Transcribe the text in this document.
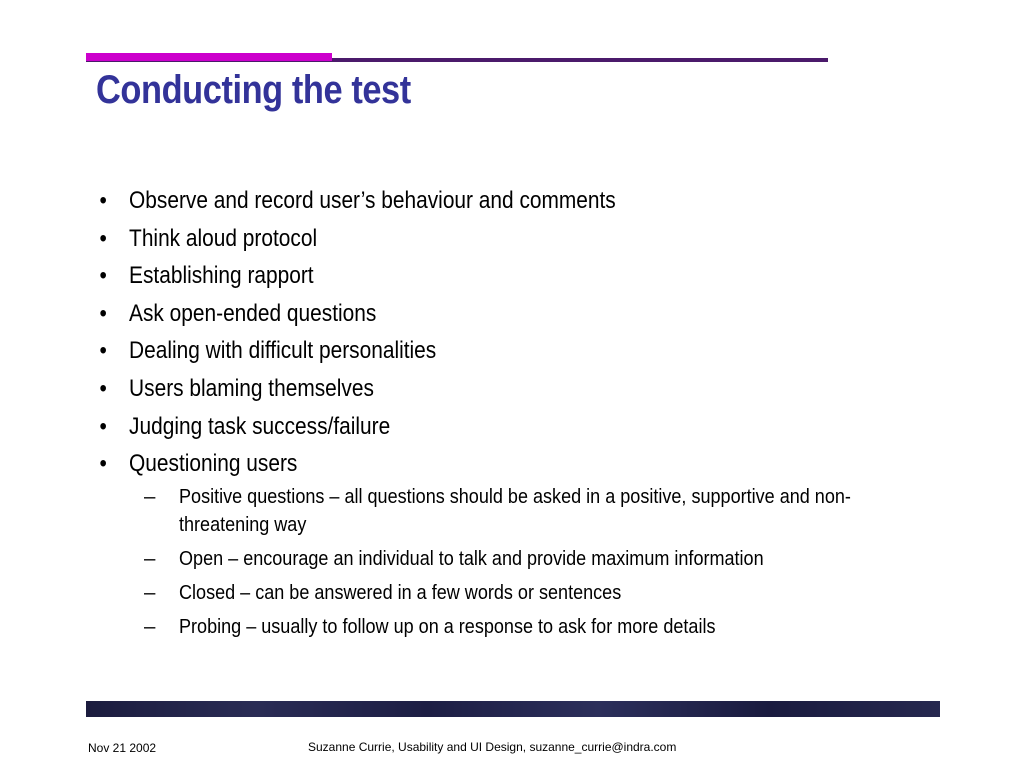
Conducting the test
• Observe and record user’s behaviour and comments
• Think aloud protocol
• Establishing rapport
• Ask open-ended questions
• Dealing with difficult personalities
• Users blaming themselves
• Judging task success/failure
• Questioning users
– Positive questions – all questions should be asked in a positive, supportive and non-threatening way
– Open – encourage an individual to talk and provide maximum information
– Closed – can be answered in a few words or sentences
– Probing – usually to follow up on a response to ask for more details
Nov 21 2002	Suzanne Currie, Usability and UI Design, suzanne_currie@indra.com
